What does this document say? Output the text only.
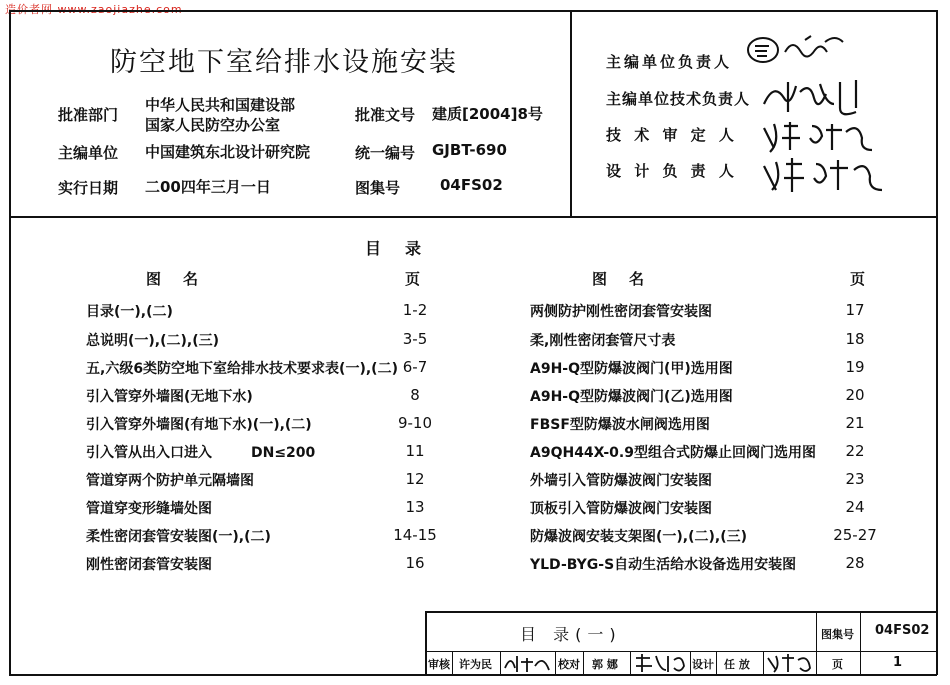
造价者网 www.zaojiazhe.com
防空地下室给排水设施安装
批准部门
中华人民共和国建设部
国家人民防空办公室
批准文号 建质[2004]8号
主编单位 中国建筑东北设计研究院	统一编号 GJBT-690
实行日期 二00四年三月一日	图集号	04FS02
主编单位负责人
主编单位技术负责人
技 术 审 定 人
设 计 负 责 人
目录
图名	页	图名	页
目录(一),(二)	1-2
总说明(一),(二),(三)	3-5
五,六级6类防空地下室给排水技术要求表(一),(二) 6-7
引入管穿外墙图(无地下水)	8
引入管穿外墙图(有地下水)(一),(二)	9-10
引入管从出入口进入        DN≤200	11
管道穿两个防护单元隔墙图	12
管道穿变形缝墙处图	13
柔性密闭套管安装图(一),(二)	14-15
刚性密闭套管安装图	16
两侧防护刚性密闭套管安装图	17
柔,刚性密闭套管尺寸表	18
A9H-Q型防爆波阀门(甲)选用图	19
A9H-Q型防爆波阀门(乙)选用图	20
FBSF型防爆波水闸阀选用图	21
A9QH44X-0.9型组合式防爆止回阀门选用图	22
外墙引入管防爆波阀门安装图	23
顶板引入管防爆波阀门安装图	24
防爆波阀安装支架图(一),(二),(三)	25-27
YLD-BYG-S自动生活给水设备选用安装图	28
目 录(一)	图集号 04FS02
审核 许为民	校对 郭 娜	设计 任 放	页	1
